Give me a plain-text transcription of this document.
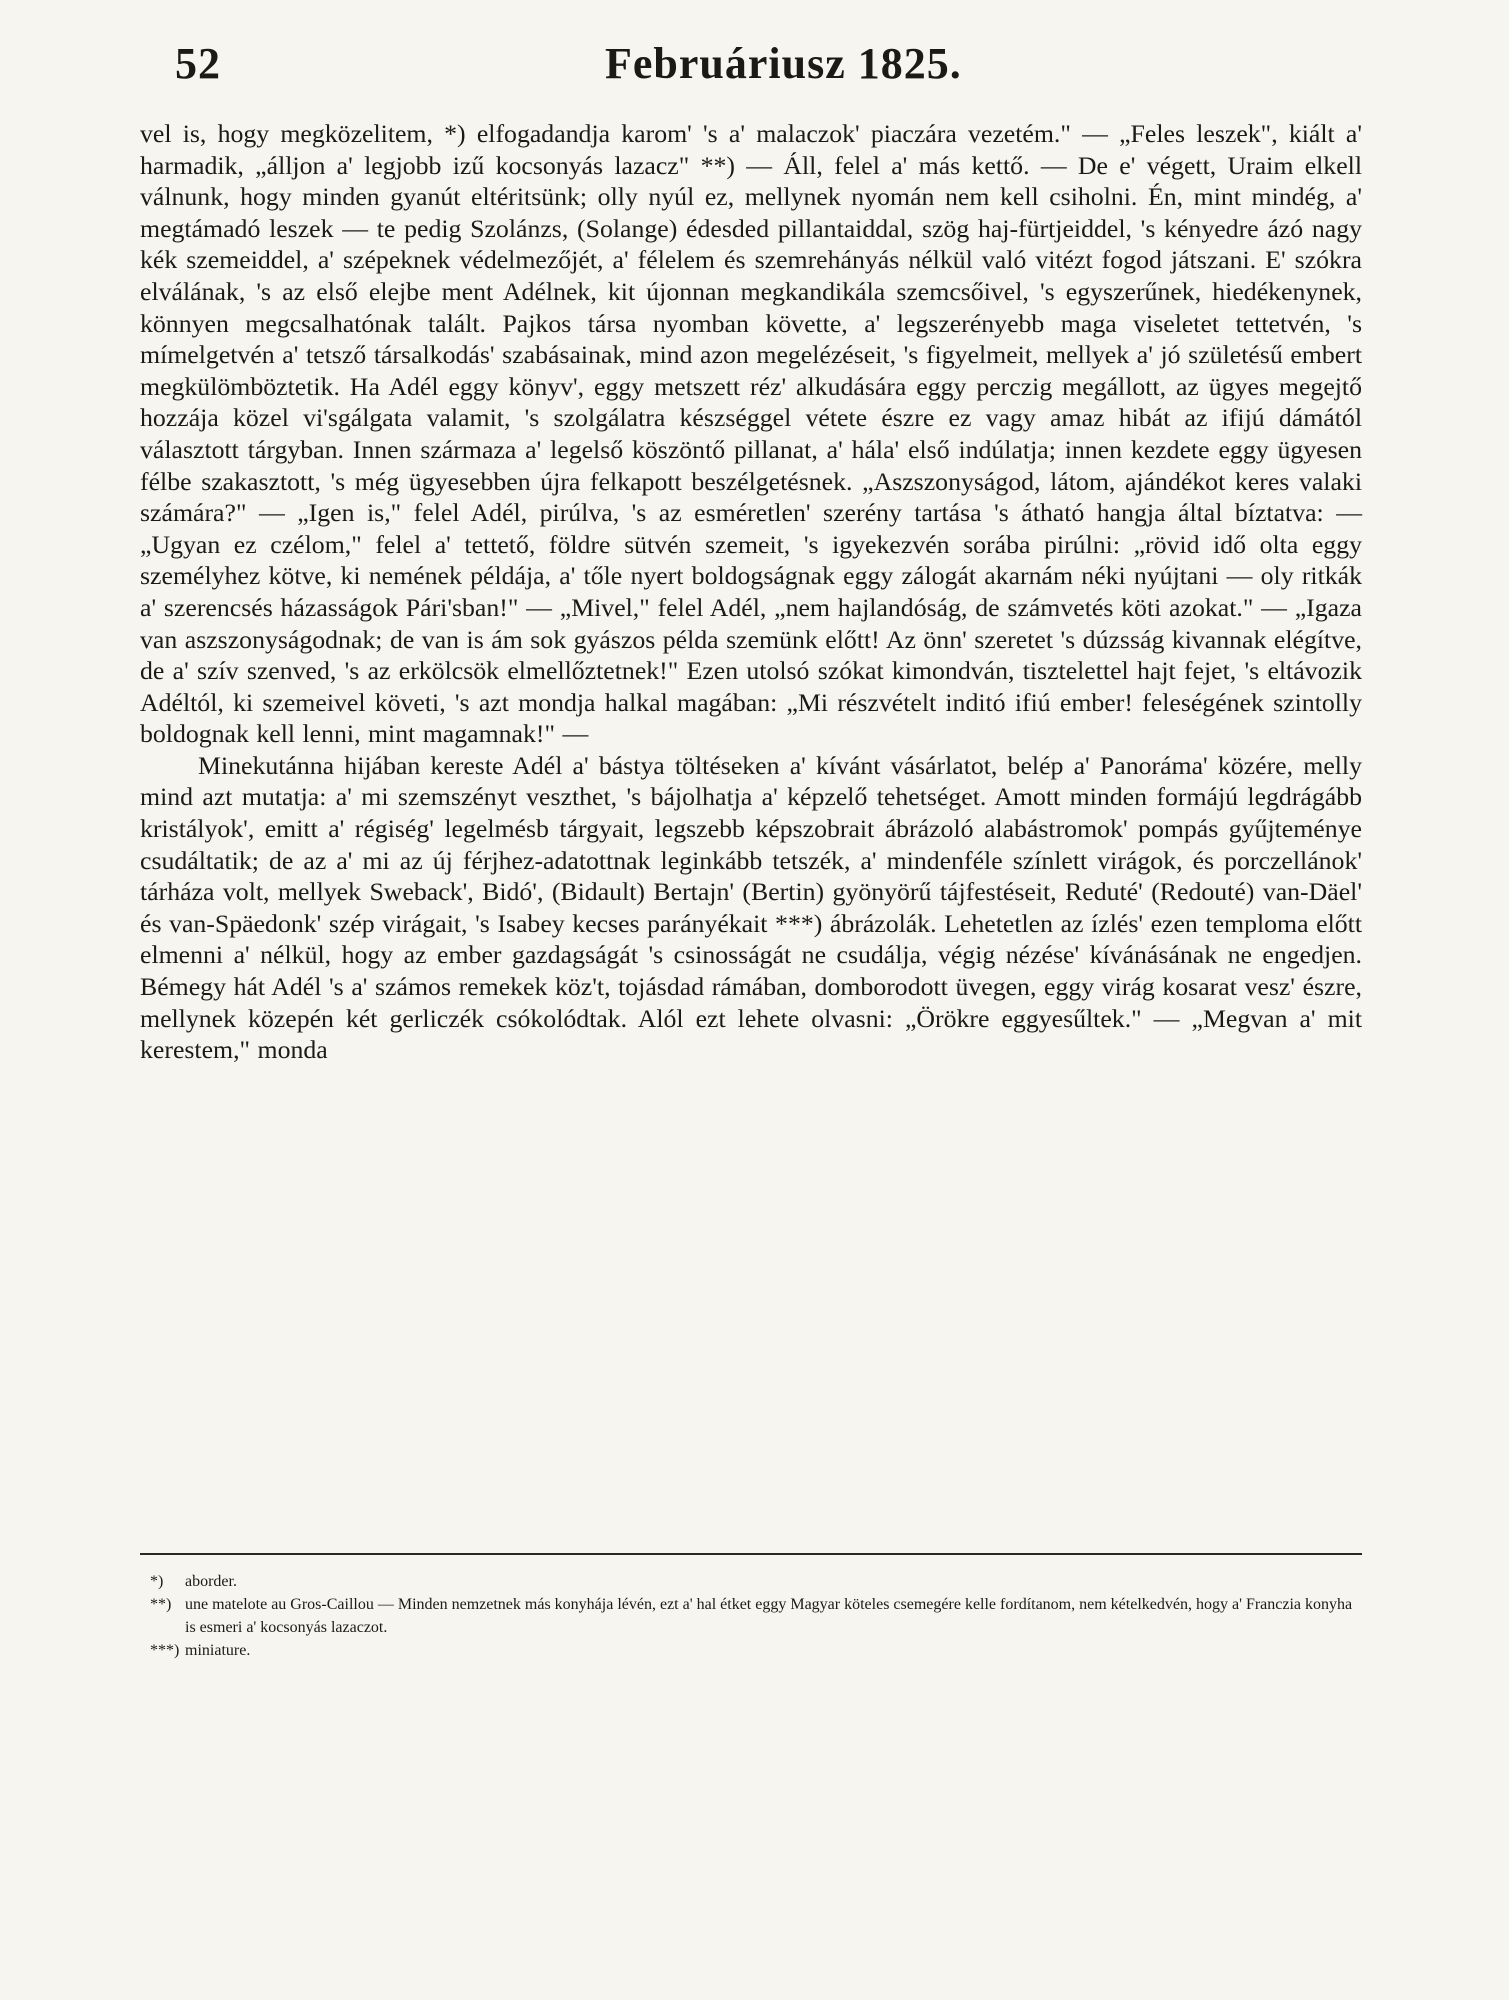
52	Februáriusz 1825.

vel is, hogy megközelitem, *) elfogadandja karom' 's a' malaczok' piaczára vezetém." — „Feles leszek", kiált a' harmadik, „álljon a' legjobb izű kocsonyás lazacz" **) — Áll, felel a' más kettő. — De e' végett, Uraim elkell válnunk, hogy minden gyanút eltéritsünk; olly nyúl ez, mellynek nyomán nem kell csiholni. Én, mint mindég, a' megtámadó leszek — te pedig Szolánzs, (Solange) édesded pillantaiddal, szög haj-fürtjeiddel, 's kényedre ázó nagy kék szemeiddel, a' szépeknek védelmezőjét, a' félelem és szemrehányás nélkül való vitézt fogod játszani. E' szókra elválának, 's az első elejbe ment Adélnek, kit újonnan megkandikála szemcsőivel, 's egyszerűnek, hiedékenynek, könnyen megcsalhatónak talált. Pajkos társa nyomban követte, a' legszerényebb maga viseletet tettetvén, 's mímelgetvén a' tetsző társalkodás' szabásainak, mind azon megelézéseit, 's figyelmeit, mellyek a' jó születésű embert megkülömböztetik. Ha Adél eggy könyv', eggy metszett réz' alkudására eggy perczig megállott, az ügyes megejtő hozzája közel vi'sgálgata valamit, 's szolgálatra készséggel vétete észre ez vagy amaz hibát az ifijú dámától választott tárgyban. Innen származa a' legelső köszöntő pillanat, a' hála' első indúlatja; innen kezdete eggy ügyesen félbe szakasztott, 's még ügyesebben újra felkapott beszélgetésnek. „Aszszonyságod, látom, ajándékot keres valaki számára?" — „Igen is," felel Adél, pirúlva, 's az esméretlen' szerény tartása 's átható hangja által bíztatva: — „Ugyan ez czélom," felel a' tettető, földre sütvén szemeit, 's igyekezvén sorába pirúlni: „rövid idő olta eggy személyhez kötve, ki nemének példája, a' tőle nyert boldogságnak eggy zálogát akarnám néki nyújtani — oly ritkák a' szerencsés házasságok Pári'sban!" — „Mivel," felel Adél, „nem hajlandóság, de számvetés köti azokat." — „Igaza van aszszonyságodnak; de van is ám sok gyászos példa szemünk előtt! Az önn' szeretet 's dúzsság kivannak elégítve, de a' szív szenved, 's az erkölcsök elmellőztetnek!" Ezen utolsó szókat kimondván, tisztelettel hajt fejet, 's eltávozik Adéltól, ki szemeivel követi, 's azt mondja halkal magában: „Mi részvételt inditó ifiú ember! feleségének szintolly boldognak kell lenni, mint magamnak!" —

Minekutánna hijában kereste Adél a' bástya töltéseken a' kívánt vásárlatot, belép a' Panoráma' közére, melly mind azt mutatja: a' mi szemszényt veszthet, 's bájolhatja a' képzelő tehetséget. Amott minden formájú legdrágább kristályok', emitt a' régiség' legelmésb tárgyait, legszebb képszobrait ábrázoló alabástromok' pompás gyűjteménye csudáltatik; de az a' mi az új férjhez-adatottnak leginkább tetszék, a' mindenféle színlett virágok, és porczellánok' tárháza volt, mellyek Sweback', Bidó', (Bidault) Bertajn' (Bertin) gyönyörű tájfestéseit, Reduté' (Redouté) van-Däel' és van-Späedonk' szép virágait, 's Isabey kecses parányékait ***) ábrázolák. Lehetetlen az ízlés' ezen temploma előtt elmenni a' nélkül, hogy az ember gazdagságát 's csinosságát ne csudálja, végig nézése' kívánásának ne engedjen. Bémegy hát Adél 's a' számos remekek köz't, tojásdad rámában, domborodott üvegen, eggy virág kosarat vesz' észre, mellynek közepén két gerliczék csókolódtak. Alól ezt lehete olvasni: „Örökre eggyesűltek." — „Megvan a' mit kerestem," monda

*) aborder.

**) une matelote au Gros-Caillou — Minden nemzetnek más konyhája lévén, ezt a' hal étket eggy Magyar köteles csemegére kelle fordítanom, nem kételkedvén, hogy a' Franczia konyha is esmeri a' kocsonyás lazaczot.

***) miniature.
